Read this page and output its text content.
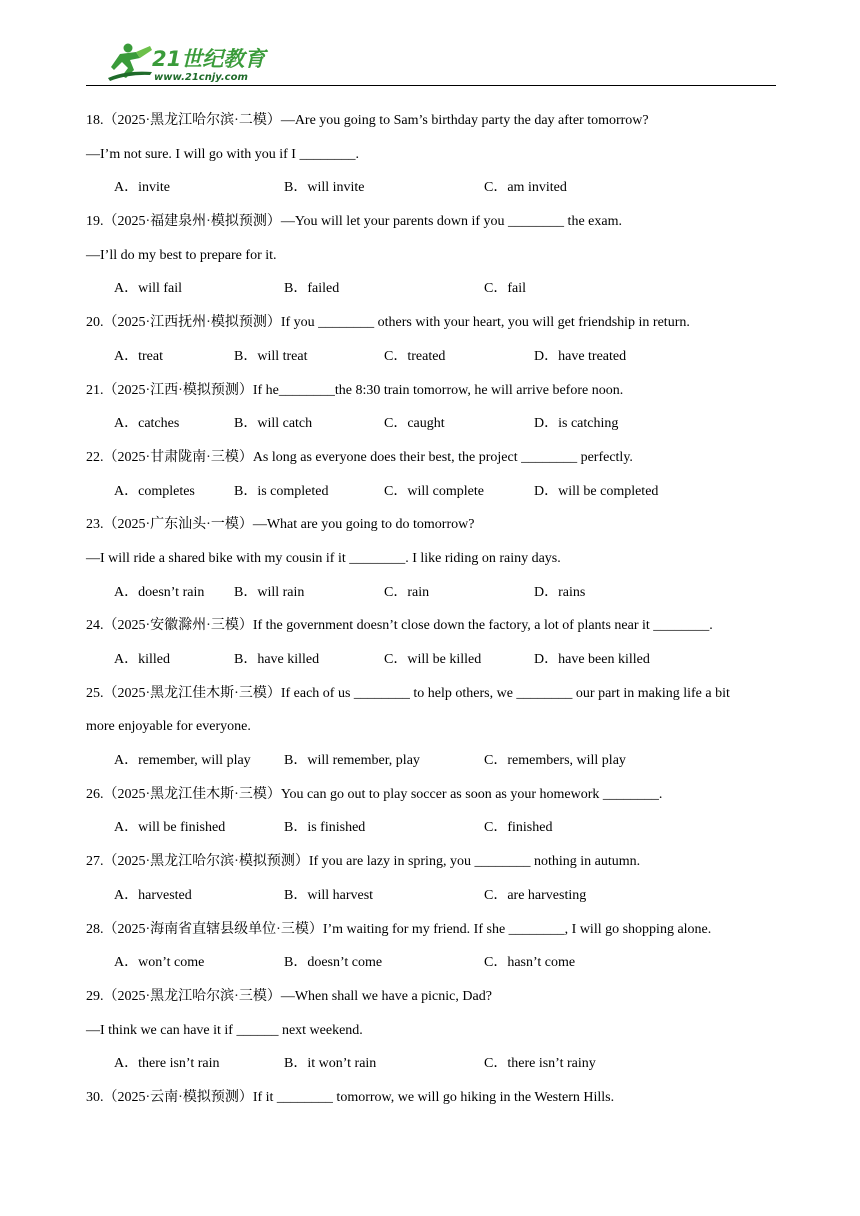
21世纪教育
www.21cnjy.com
18.（2025·黑龙江哈尔滨·二模）—Are you going to Sam’s birthday party the day after tomorrow?
—I’m not sure. I will go with you if I ________.
A．invite	B．will invite	C．am invited
19.（2025·福建泉州·模拟预测）—You will let your parents down if you ________ the exam.
—I’ll do my best to prepare for it.
A．will fail	B．failed	C．fail
20.（2025·江西抚州·模拟预测）If you ________ others with your heart, you will get friendship in return.
A．treat	B．will treat	C．treated	D．have treated
21.（2025·江西·模拟预测）If he________the 8:30 train tomorrow, he will arrive before noon.
A．catches	B．will catch	C．caught	D．is catching
22.（2025·甘肃陇南·三模）As long as everyone does their best, the project ________ perfectly.
A．completes	B．is completed	C．will complete	D．will be completed
23.（2025·广东汕头·一模）—What are you going to do tomorrow?
—I will ride a shared bike with my cousin if it ________. I like riding on rainy days.
A．doesn’t rain B．will rain	C．rain	D．rains
24.（2025·安徽滁州·三模）If the government doesn’t close down the factory, a lot of plants near it ________.
A．killed	B．have killed	C．will be killed	D．have been killed
25.（2025·黑龙江佳木斯·三模）If each of us ________ to help others, we ________ our part in making life a bit
more enjoyable for everyone.
A．remember, will play B．will remember, play	C．remembers, will play
26.（2025·黑龙江佳木斯·三模）You can go out to play soccer as soon as your homework ________.
A．will be finished	B．is finished	C．finished
27.（2025·黑龙江哈尔滨·模拟预测）If you are lazy in spring, you ________ nothing in autumn.
A．harvested	B．will harvest	C．are harvesting
28.（2025·海南省直辖县级单位·三模）I’m waiting for my friend. If she ________, I will go shopping alone.
A．won’t come	B．doesn’t come	C．hasn’t come
29.（2025·黑龙江哈尔滨·三模）—When shall we have a picnic, Dad?
—I think we can have it if ______ next weekend.
A．there isn’t rain	B．it won’t rain	C．there isn’t rainy
30.（2025·云南·模拟预测）If it ________ tomorrow, we will go hiking in the Western Hills.
